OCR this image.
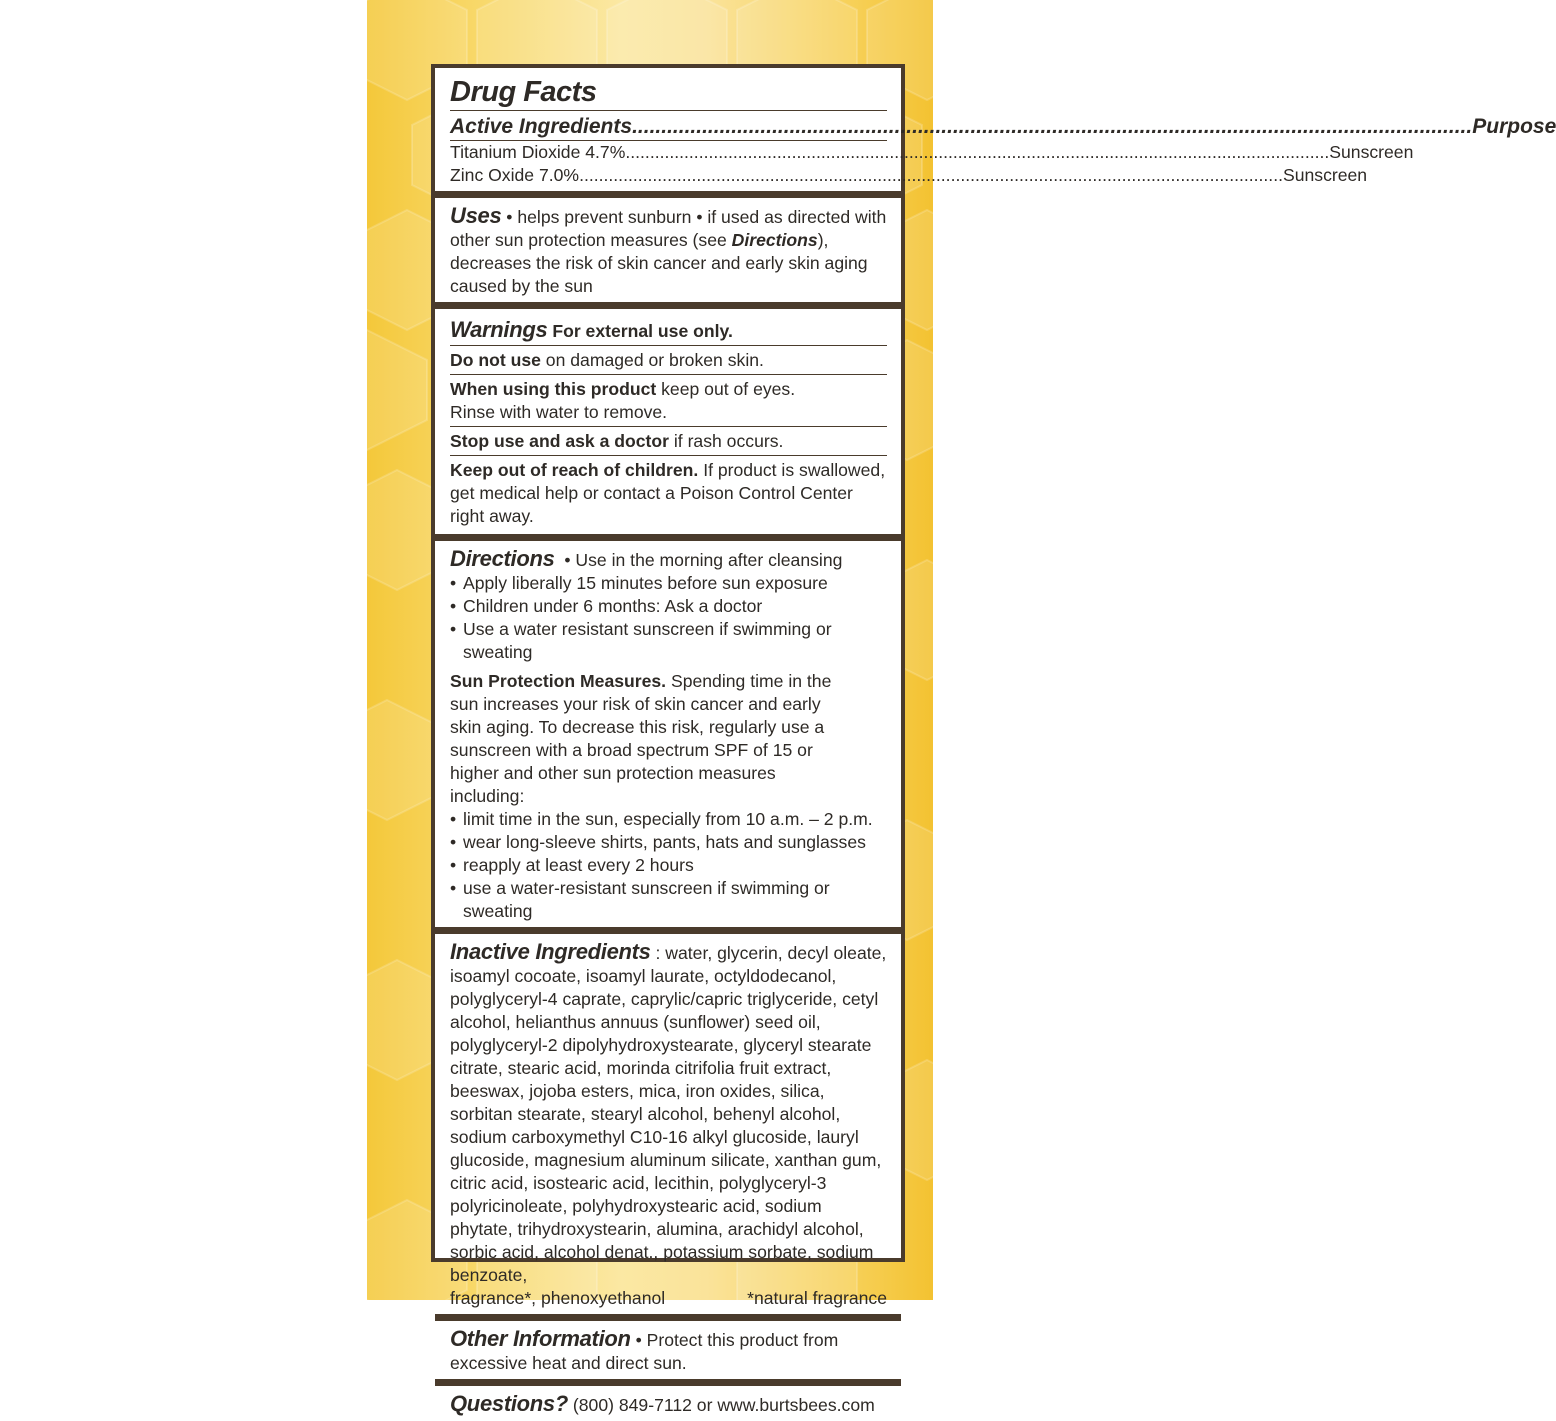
Drug Facts
Active Ingredients .....	Purpose
Titanium Dioxide 4.7% .....	Sunscreen
Zinc Oxide 7.0% .....	Sunscreen
Uses • helps prevent sunburn • if used as directed with other sun protection measures (see Directions), decreases the risk of skin cancer and early skin aging caused by the sun
Warnings For external use only.
Do not use on damaged or broken skin.
When using this product keep out of eyes.
Rinse with water to remove.
Stop use and ask a doctor if rash occurs.
Keep out of reach of children. If product is swallowed, get medical help or contact a Poison Control Center right away.
Directions  • Use in the morning after cleansing
• Apply liberally 15 minutes before sun exposure
• Children under 6 months: Ask a doctor
• Use a water resistant sunscreen if swimming or sweating
Sun Protection Measures. Spending time in the sun increases your risk of skin cancer and early skin aging. To decrease this risk, regularly use a sunscreen with a broad spectrum SPF of 15 or higher and other sun protection measures including:
• limit time in the sun, especially from 10 a.m. – 2 p.m.
• wear long-sleeve shirts, pants, hats and sunglasses
• reapply at least every 2 hours
• use a water-resistant sunscreen if swimming or sweating
Inactive Ingredients : water, glycerin, decyl oleate, isoamyl cocoate, isoamyl laurate, octyldodecanol, polyglyceryl-4 caprate, caprylic/capric triglyceride, cetyl alcohol, helianthus annuus (sunflower) seed oil, polyglyceryl-2 dipolyhydroxystearate, glyceryl stearate citrate, stearic acid, morinda citrifolia fruit extract, beeswax, jojoba esters, mica, iron oxides, silica, sorbitan stearate, stearyl alcohol, behenyl alcohol, sodium carboxymethyl C10-16 alkyl glucoside, lauryl glucoside, magnesium aluminum silicate, xanthan gum, citric acid, isostearic acid, lecithin, polyglyceryl-3 polyricinoleate, polyhydroxystearic acid, sodium phytate, trihydroxystearin, alumina, arachidyl alcohol, sorbic acid, alcohol denat., potassium sorbate, sodium benzoate,
fragrance*, phenoxyethanol	*natural fragrance
Other Information • Protect this product from excessive heat and direct sun.
Questions? (800) 849-7112 or www.burtsbees.com
